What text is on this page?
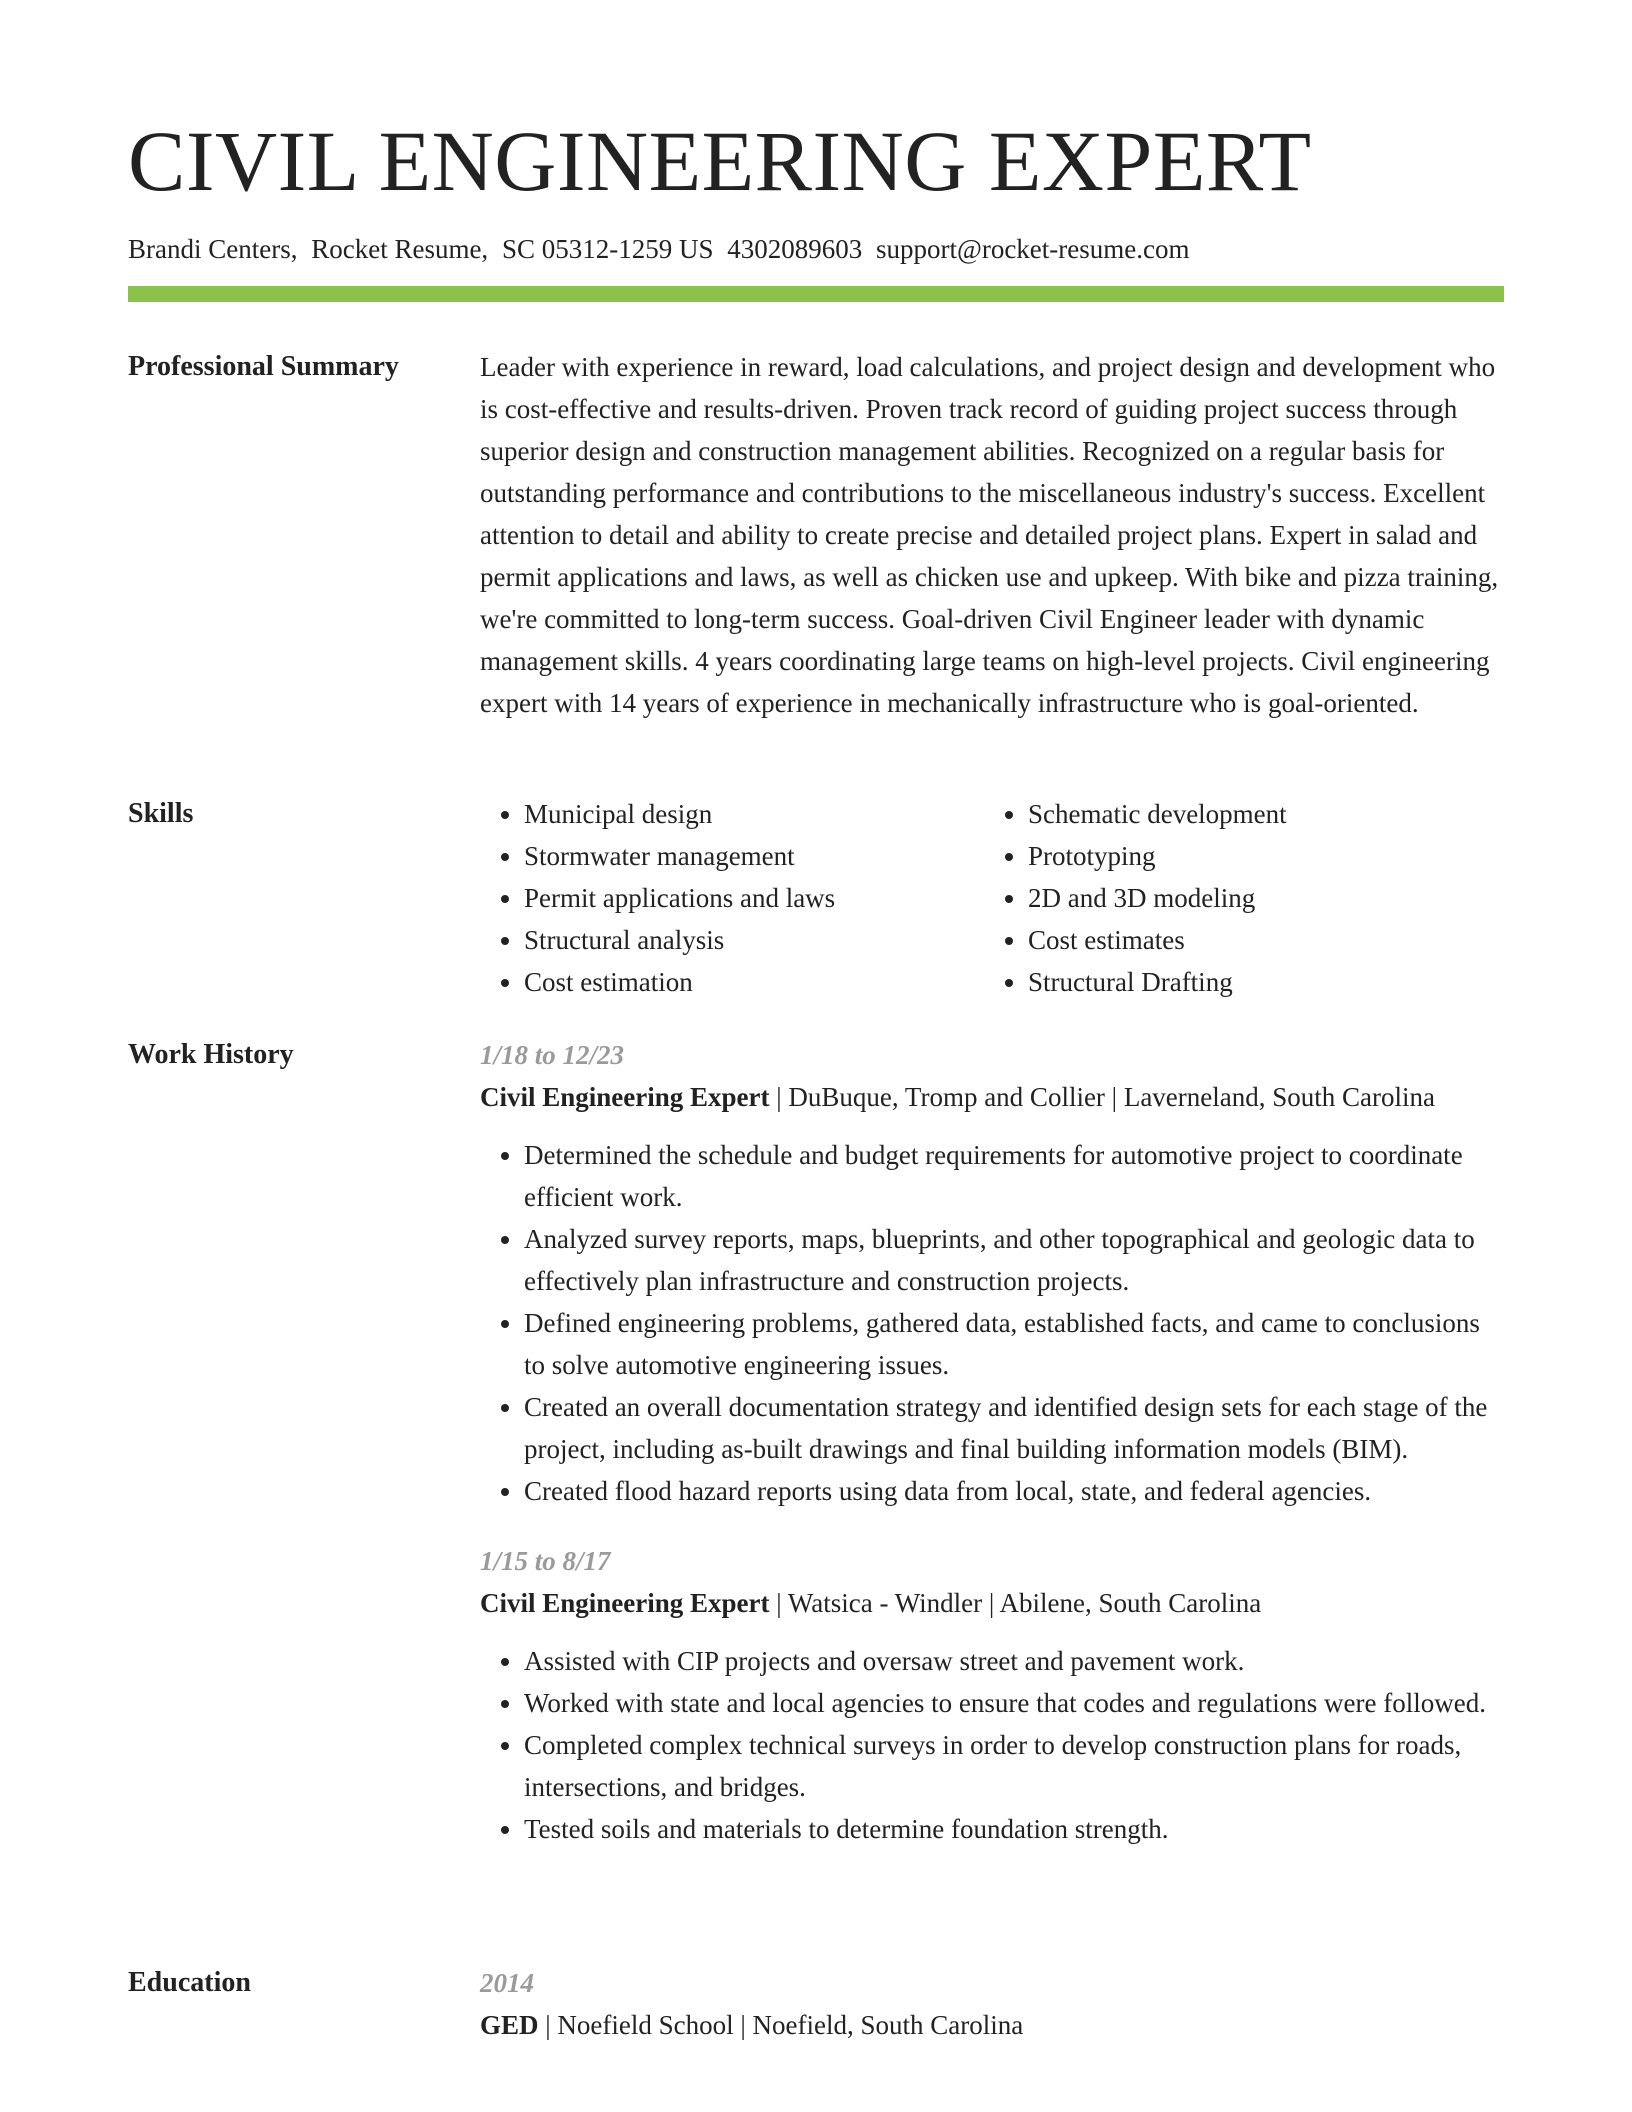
CIVIL ENGINEERING EXPERT
Brandi Centers, Rocket Resume, SC 05312-1259 US 4302089603 support@rocket-resume.com
Professional Summary	Leader with experience in reward, load calculations, and project design and development who is cost-effective and results-driven. Proven track record of guiding project success through superior design and construction management abilities. Recognized on a regular basis for outstanding performance and contributions to the miscellaneous industry's success. Excellent attention to detail and ability to create precise and detailed project plans. Expert in salad and permit applications and laws, as well as chicken use and upkeep. With bike and pizza training, we're committed to long-term success. Goal-driven Civil Engineer leader with dynamic management skills. 4 years coordinating large teams on high-level projects. Civil engineering expert with 14 years of experience in mechanically infrastructure who is goal-oriented.

Skills
•	Municipal design
• Stormwater management
• Permit applications and laws
• Structural analysis
• Cost estimation
• Schematic development
• Prototyping
• 2D and 3D modeling
• Cost estimates
• Structural Drafting
Work History	1/18 to 12/23
Civil Engineering Expert | DuBuque, Tromp and Collier | Laverneland, South Carolina
• Determined the schedule and budget requirements for automotive project to coordinate efficient work.
• Analyzed survey reports, maps, blueprints, and other topographical and geologic data to effectively plan infrastructure and construction projects.
• Defined engineering problems, gathered data, established facts, and came to conclusions to solve automotive engineering issues.
• Created an overall documentation strategy and identified design sets for each stage of the project, including as-built drawings and final building information models (BIM).
• Created flood hazard reports using data from local, state, and federal agencies.
1/15 to 8/17
Civil Engineering Expert | Watsica - Windler | Abilene, South Carolina
• Assisted with CIP projects and oversaw street and pavement work.
• Worked with state and local agencies to ensure that codes and regulations were followed.
• Completed complex technical surveys in order to develop construction plans for roads, intersections, and bridges.
• Tested soils and materials to determine foundation strength.
Education	2014
GED | Noefield School | Noefield, South Carolina
